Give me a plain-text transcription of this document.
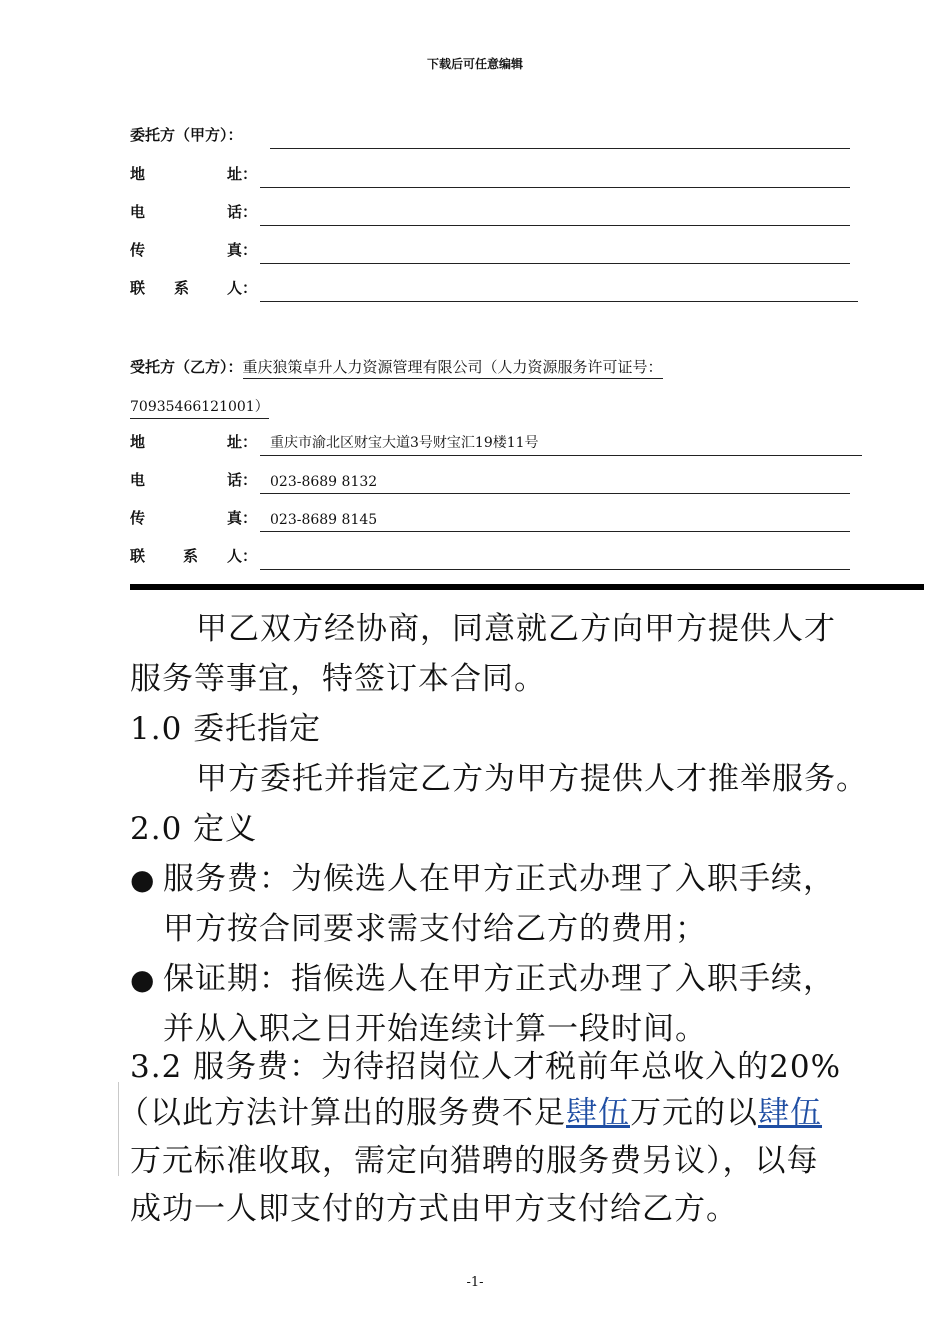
下载后可任意编辑
委托方（甲方）：
地	址：
电	话：
传	真：
联 系	人：
受托方（乙方）：重庆狼策卓升人力资源管理有限公司（人力资源服务许可证号：
70935466121001）
地	址： 重庆市渝北区财宝大道3号财宝汇19楼11号
电	话： 023-8689 8132
传	真： 023-8689 8145
联	系 人：
甲乙双方经协商，同意就乙方向甲方提供人才
服务等事宜，特签订本合同。
1.0 委托指定
甲方委托并指定乙方为甲方提供人才推举服务。
2.0 定义
● 服务费：为候选人在甲方正式办理了入职手续，
甲方按合同要求需支付给乙方的费用；
● 保证期：指候选人在甲方正式办理了入职手续，
并从入职之日开始连续计算一段时间。
3.2 服务费：为待招岗位人才税前年总收入的20%
（以此方法计算出的服务费不足肆伍万元的以肆伍
万元标准收取，需定向猎聘的服务费另议），以每
成功一人即支付的方式由甲方支付给乙方。
-1-
